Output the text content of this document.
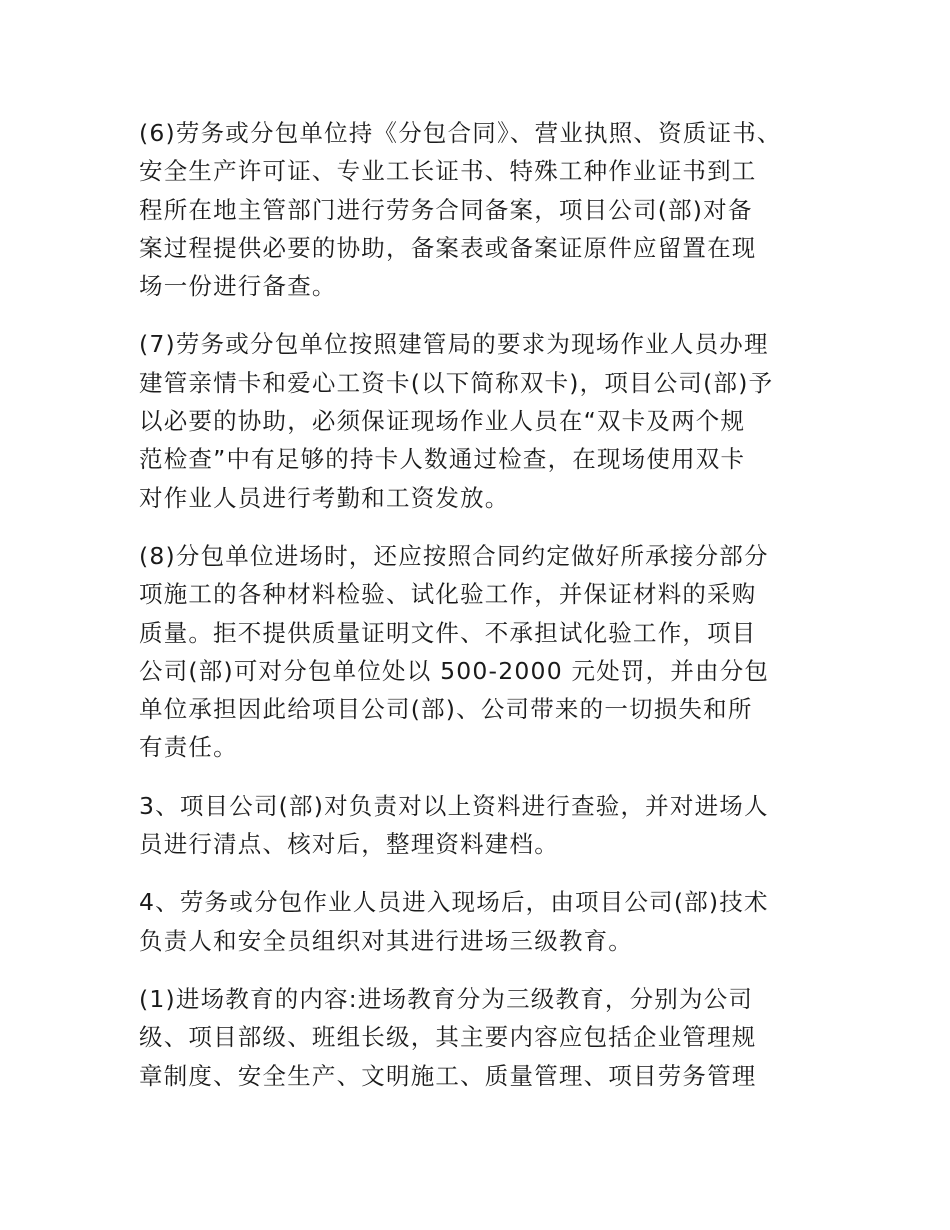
(6)劳务或分包单位持《分包合同》、营业执照、资质证书、
安全生产许可证、专业工长证书、特殊工种作业证书到工
程所在地主管部门进行劳务合同备案，项目公司(部)对备
案过程提供必要的协助，备案表或备案证原件应留置在现
场一份进行备查。

(7)劳务或分包单位按照建管局的要求为现场作业人员办理
建管亲情卡和爱心工资卡(以下简称双卡)，项目公司(部)予
以必要的协助，必须保证现场作业人员在“双卡及两个规
范检查”中有足够的持卡人数通过检查，在现场使用双卡
对作业人员进行考勤和工资发放。

(8)分包单位进场时，还应按照合同约定做好所承接分部分
项施工的各种材料检验、试化验工作，并保证材料的采购
质量。拒不提供质量证明文件、不承担试化验工作，项目
公司(部)可对分包单位处以 500-2000 元处罚，并由分包
单位承担因此给项目公司(部)、公司带来的一切损失和所
有责任。

3、项目公司(部)对负责对以上资料进行查验，并对进场人
员进行清点、核对后，整理资料建档。

4、劳务或分包作业人员进入现场后，由项目公司(部)技术
负责人和安全员组织对其进行进场三级教育。

(1)进场教育的内容:进场教育分为三级教育，分别为公司
级、项目部级、班组长级，其主要内容应包括企业管理规
章制度、安全生产、文明施工、质量管理、项目劳务管理
